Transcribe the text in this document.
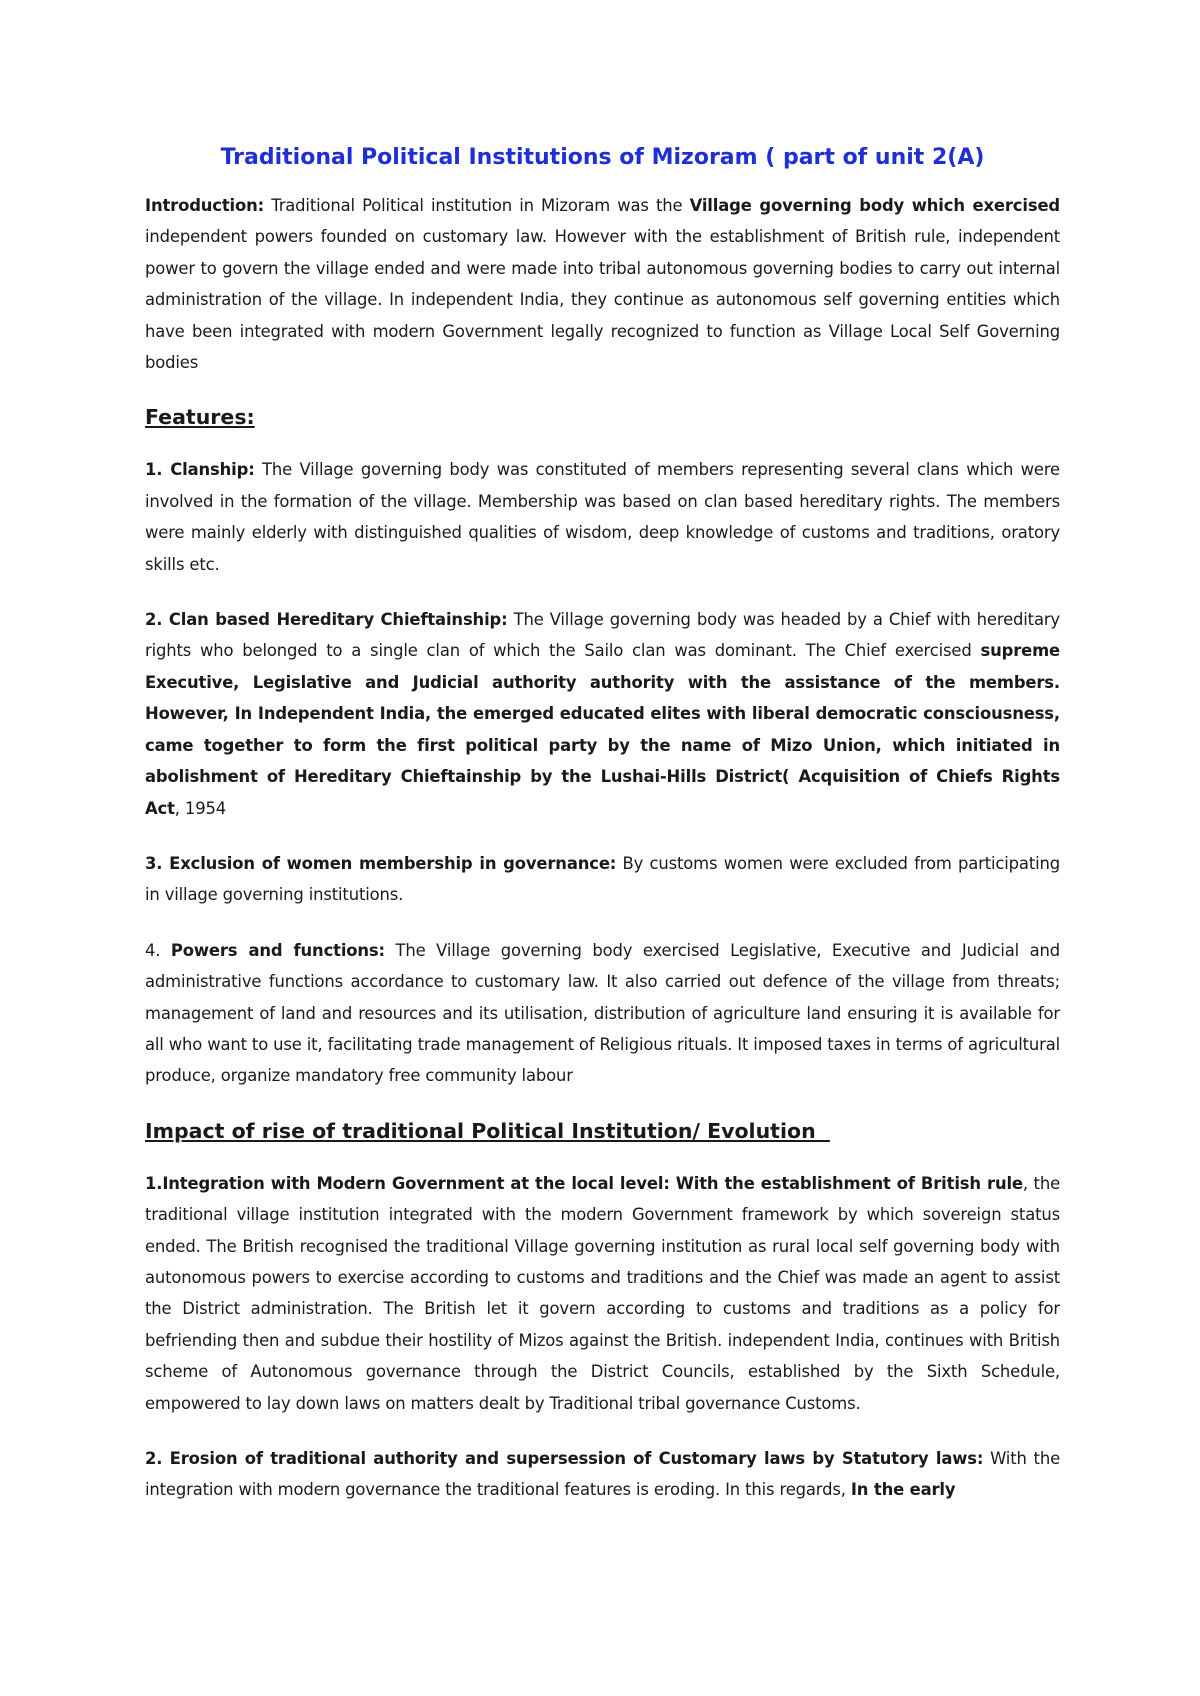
Traditional Political Institutions of Mizoram ( part of unit 2(A)

Introduction: Traditional Political institution in Mizoram was the Village governing body which exercised independent powers founded on customary law. However with the establishment of British rule, independent power to govern the village ended and were made into tribal autonomous governing bodies to carry out internal administration of the village. In independent India, they continue as autonomous self governing entities which have been integrated with modern Government legally recognized to function as Village Local Self Governing bodies

Features:

1. Clanship: The Village governing body was constituted of members representing several clans which were involved in the formation of the village. Membership was based on clan based hereditary rights. The members were mainly elderly with distinguished qualities of wisdom, deep knowledge of customs and traditions, oratory skills etc.

2. Clan based Hereditary Chieftainship: The Village governing body was headed by a Chief with hereditary rights who belonged to a single clan of which the Sailo clan was dominant. The Chief exercised supreme Executive, Legislative and Judicial authority authority with the assistance of the members. However, In Independent India, the emerged educated elites with liberal democratic consciousness, came together to form the first political party by the name of Mizo Union, which initiated in abolishment of Hereditary Chieftainship by the Lushai-Hills District( Acquisition of Chiefs Rights Act, 1954

3. Exclusion of women membership in governance: By customs women were excluded from participating in village governing institutions.

4. Powers and functions: The Village governing body exercised Legislative, Executive and Judicial and administrative functions accordance to customary law. It also carried out defence of the village from threats; management of land and resources and its utilisation, distribution of agriculture land ensuring it is available for all who want to use it, facilitating trade management of Religious rituals. It imposed taxes in terms of agricultural produce, organize mandatory free community labour

Impact of rise of traditional Political Institution/ Evolution

1.Integration with Modern Government at the local level: With the establishment of British rule, the traditional village institution integrated with the modern Government framework by which sovereign status ended. The British recognised the traditional Village governing institution as rural local self governing body with autonomous powers to exercise according to customs and traditions and the Chief was made an agent to assist the District administration. The British let it govern according to customs and traditions as a policy for befriending then and subdue their hostility of Mizos against the British. independent India, continues with British scheme of Autonomous governance through the District Councils, established by the Sixth Schedule, empowered to lay down laws on matters dealt by Traditional tribal governance Customs.

2. Erosion of traditional authority and supersession of Customary laws by Statutory laws: With the integration with modern governance the traditional features is eroding. In this regards, In the early
